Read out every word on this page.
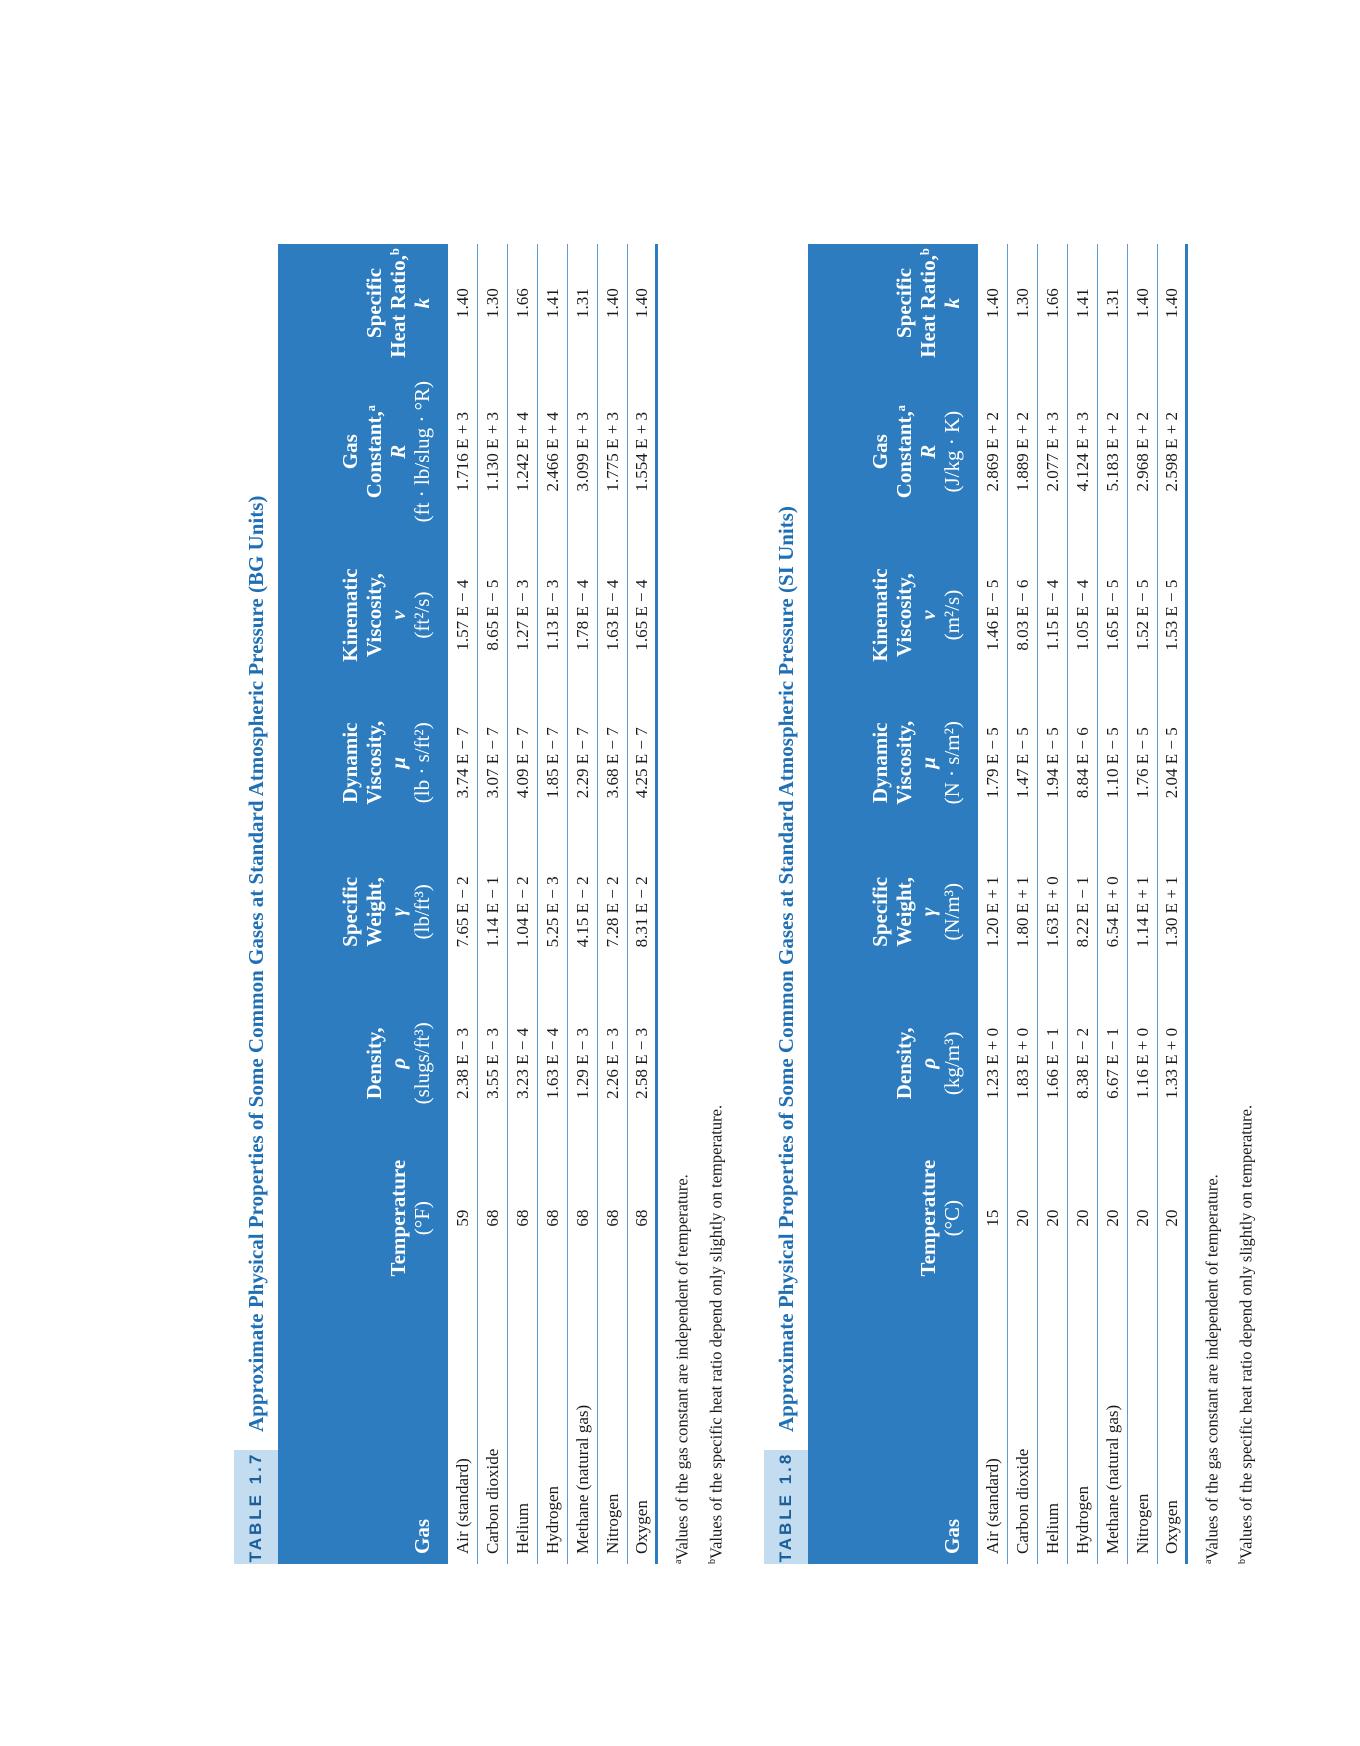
TABLE 1.7
Approximate Physical Properties of Some Common Gases at Standard Atmospheric Pressure (BG Units)
Gas
Temperature (°F)
Density, ρ (slugs/ft³)
Specific Weight, γ (lb/ft³)
Dynamic Viscosity, μ (lb · s/ft²)
Kinematic Viscosity, ν (ft²/s)
Gas Constant,ᵃ R (ft · lb/slug · °R)
Specific Heat Ratio,ᵇ k
Air (standard)
59
2.38 E − 3
7.65 E − 2
3.74 E − 7
1.57 E − 4
1.716 E + 3
1.40
Carbon dioxide
68
3.55 E − 3
1.14 E − 1
3.07 E − 7
8.65 E − 5
1.130 E + 3
1.30
Helium
68
3.23 E − 4
1.04 E − 2
4.09 E − 7
1.27 E − 3
1.242 E + 4
1.66
Hydrogen
68
1.63 E − 4
5.25 E − 3
1.85 E − 7
1.13 E − 3
2.466 E + 4
1.41
Methane (natural gas)
68
1.29 E − 3
4.15 E − 2
2.29 E − 7
1.78 E − 4
3.099 E + 3
1.31
Nitrogen
68
2.26 E − 3
7.28 E − 2
3.68 E − 7
1.63 E − 4
1.775 E + 3
1.40
Oxygen
68
2.58 E − 3
8.31 E − 2
4.25 E − 7
1.65 E − 4
1.554 E + 3
1.40
$^a$Values of the gas constant are independent of temperature.
$^b$Values of the specific heat ratio depend only slightly on temperature.	TABLE 1.8
Approximate Physical Properties of Some Common Gases at Standard Atmospheric Pressure (SI Units)
Gas
Temperature (°C)
Density, ρ (kg/m³)
Specific Weight, γ (N/m³)
Dynamic Viscosity, μ (N · s/m²)
Kinematic Viscosity, ν (m²/s)
Gas Constant,ᵃ R (J/kg · K)
Specific Heat Ratio,ᵇ k
Air (standard)
15
1.23 E + 0
1.20 E + 1
1.79 E − 5
1.46 E − 5
2.869 E + 2
1.40
Carbon dioxide
20
1.83 E + 0
1.80 E + 1
1.47 E − 5
8.03 E − 6
1.889 E + 2
1.30
Helium
20
1.66 E − 1
1.63 E + 0
1.94 E − 5
1.15 E − 4
2.077 E + 3
1.66
Hydrogen
20
8.38 E − 2
8.22 E − 1
8.84 E − 6
1.05 E − 4
4.124 E + 3
1.41
Methane (natural gas)
20
6.67 E − 1
6.54 E + 0
1.10 E − 5
1.65 E − 5
5.183 E + 2
1.31
Nitrogen
20
1.16 E + 0
1.14 E + 1
1.76 E − 5
1.52 E − 5
2.968 E + 2
1.40
Oxygen
20
1.33 E + 0
1.30 E + 1
2.04 E − 5
1.53 E − 5
2.598 E + 2
1.40
$^a$Values of the gas constant are independent of temperature.
$^b$Values of the specific heat ratio depend only slightly on temperature.
